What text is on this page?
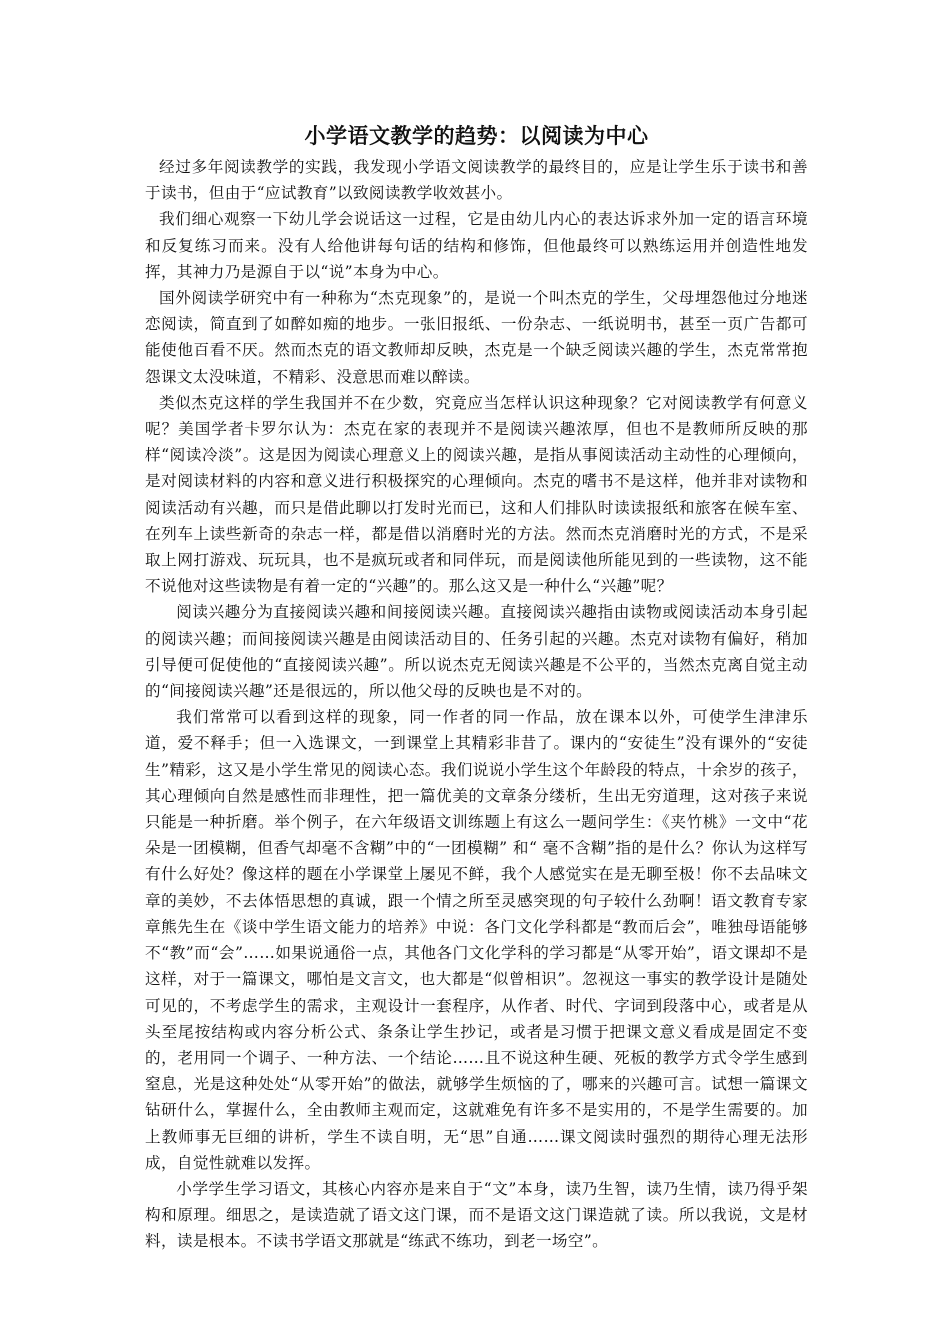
小学语文教学的趋势：以阅读为中心

经过多年阅读教学的实践，我发现小学语文阅读教学的最终目的，应是让学生乐于读书和善于读书，但由于“应试教育”以致阅读教学收效甚小。

我们细心观察一下幼儿学会说话这一过程，它是由幼儿内心的表达诉求外加一定的语言环境和反复练习而来。没有人给他讲每句话的结构和修饰，但他最终可以熟练运用并创造性地发挥，其神力乃是源自于以“说”本身为中心。

国外阅读学研究中有一种称为“杰克现象”的，是说一个叫杰克的学生，父母埋怨他过分地迷恋阅读，简直到了如醉如痴的地步。一张旧报纸、一份杂志、一纸说明书，甚至一页广告都可能使他百看不厌。然而杰克的语文教师却反映，杰克是一个缺乏阅读兴趣的学生，杰克常常抱怨课文太没味道，不精彩、没意思而难以醉读。

类似杰克这样的学生我国并不在少数，究竟应当怎样认识这种现象？它对阅读教学有何意义呢？美国学者卡罗尔认为：杰克在家的表现并不是阅读兴趣浓厚，但也不是教师所反映的那样“阅读冷淡”。这是因为阅读心理意义上的阅读兴趣，是指从事阅读活动主动性的心理倾向，是对阅读材料的内容和意义进行积极探究的心理倾向。杰克的嗜书不是这样，他并非对读物和阅读活动有兴趣，而只是借此聊以打发时光而已，这和人们排队时读读报纸和旅客在候车室、在列车上读些新奇的杂志一样，都是借以消磨时光的方法。然而杰克消磨时光的方式，不是采取上网打游戏、玩玩具，也不是疯玩或者和同伴玩，而是阅读他所能见到的一些读物，这不能不说他对这些读物是有着一定的“兴趣”的。那么这又是一种什么“兴趣”呢？

阅读兴趣分为直接阅读兴趣和间接阅读兴趣。直接阅读兴趣指由读物或阅读活动本身引起的阅读兴趣；而间接阅读兴趣是由阅读活动目的、任务引起的兴趣。杰克对读物有偏好，稍加引导便可促使他的“直接阅读兴趣”。所以说杰克无阅读兴趣是不公平的，当然杰克离自觉主动的“间接阅读兴趣”还是很远的，所以他父母的反映也是不对的。

我们常常可以看到这样的现象，同一作者的同一作品，放在课本以外，可使学生津津乐道，爱不释手；但一入选课文，一到课堂上其精彩非昔了。课内的“安徒生”没有课外的“安徒生”精彩，这又是小学生常见的阅读心态。我们说说小学生这个年龄段的特点，十余岁的孩子，其心理倾向自然是感性而非理性，把一篇优美的文章条分缕析，生出无穷道理，这对孩子来说只能是一种折磨。举个例子，在六年级语文训练题上有这么一题问学生：《夹竹桃》一文中“花朵是一团模糊，但香气却毫不含糊”中的“一团模糊” 和“ 毫不含糊”指的是什么？你认为这样写有什么好处？像这样的题在小学课堂上屡见不鲜，我个人感觉实在是无聊至极！你不去品味文章的美妙，不去体悟思想的真诚，跟一个情之所至灵感突现的句子较什么劲啊！语文教育专家章熊先生在《谈中学生语文能力的培养》中说：各门文化学科都是“教而后会”，唯独母语能够不“教”而“会”……如果说通俗一点，其他各门文化学科的学习都是“从零开始”，语文课却不是这样，对于一篇课文，哪怕是文言文，也大都是“似曾相识”。忽视这一事实的教学设计是随处可见的，不考虑学生的需求，主观设计一套程序，从作者、时代、字词到段落中心，或者是从头至尾按结构或内容分析公式、条条让学生抄记，或者是习惯于把课文意义看成是固定不变的，老用同一个调子、一种方法、一个结论……且不说这种生硬、死板的教学方式令学生感到窒息，光是这种处处“从零开始”的做法，就够学生烦恼的了，哪来的兴趣可言。试想一篇课文钻研什么，掌握什么，全由教师主观而定，这就难免有许多不是实用的，不是学生需要的。加上教师事无巨细的讲析，学生不读自明，无“思”自通……课文阅读时强烈的期待心理无法形成，自觉性就难以发挥。

小学学生学习语文，其核心内容亦是来自于“文”本身，读乃生智，读乃生情，读乃得乎架构和原理。细思之，是读造就了语文这门课，而不是语文这门课造就了读。所以我说，文是材料，读是根本。不读书学语文那就是“练武不练功，到老一场空”。
